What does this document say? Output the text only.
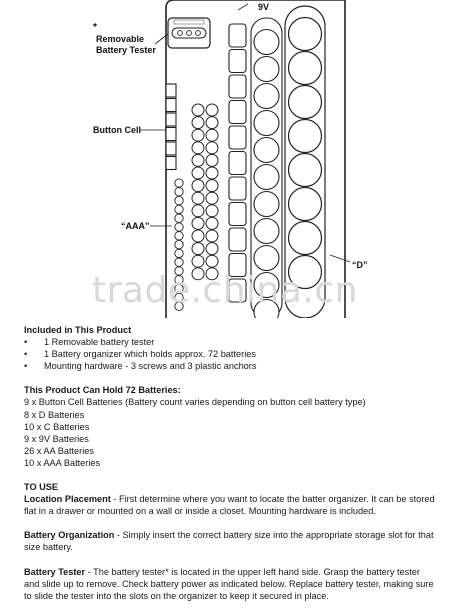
*
Removable
Battery Tester
9V
Button Cell
“AAA”
“D”
trade.china.cn

Included in This Product

•	1 Removable battery tester
•	1 Battery organizer which holds approx. 72 batteries
•	Mounting hardware - 3 screws and 3 plastic anchors

This Product Can Hold 72 Batteries:

9 x Button Cell Batteries (Battery count varies depending on button cell battery type)

8 x D Batteries

10 x C Batteries

9 x 9V Batteries

26 x AA Batteries

10 x AAA Batteries

TO USE

Location Placement - First determine where you want to locate the batter organizer. It can be stored flat in a drawer or mounted on a wall or inside a closet. Mounting hardware is included.

Battery Organization - Simply insert the correct battery size into the appropriate storage slot for that size battery.

Battery Tester - The battery tester* is located in the upper left hand side. Grasp the battery tester and slide up to remove. Check battery power as indicated below. Replace battery tester, making sure to slide the tester into the slots on the organizer to keep it secured in place.
